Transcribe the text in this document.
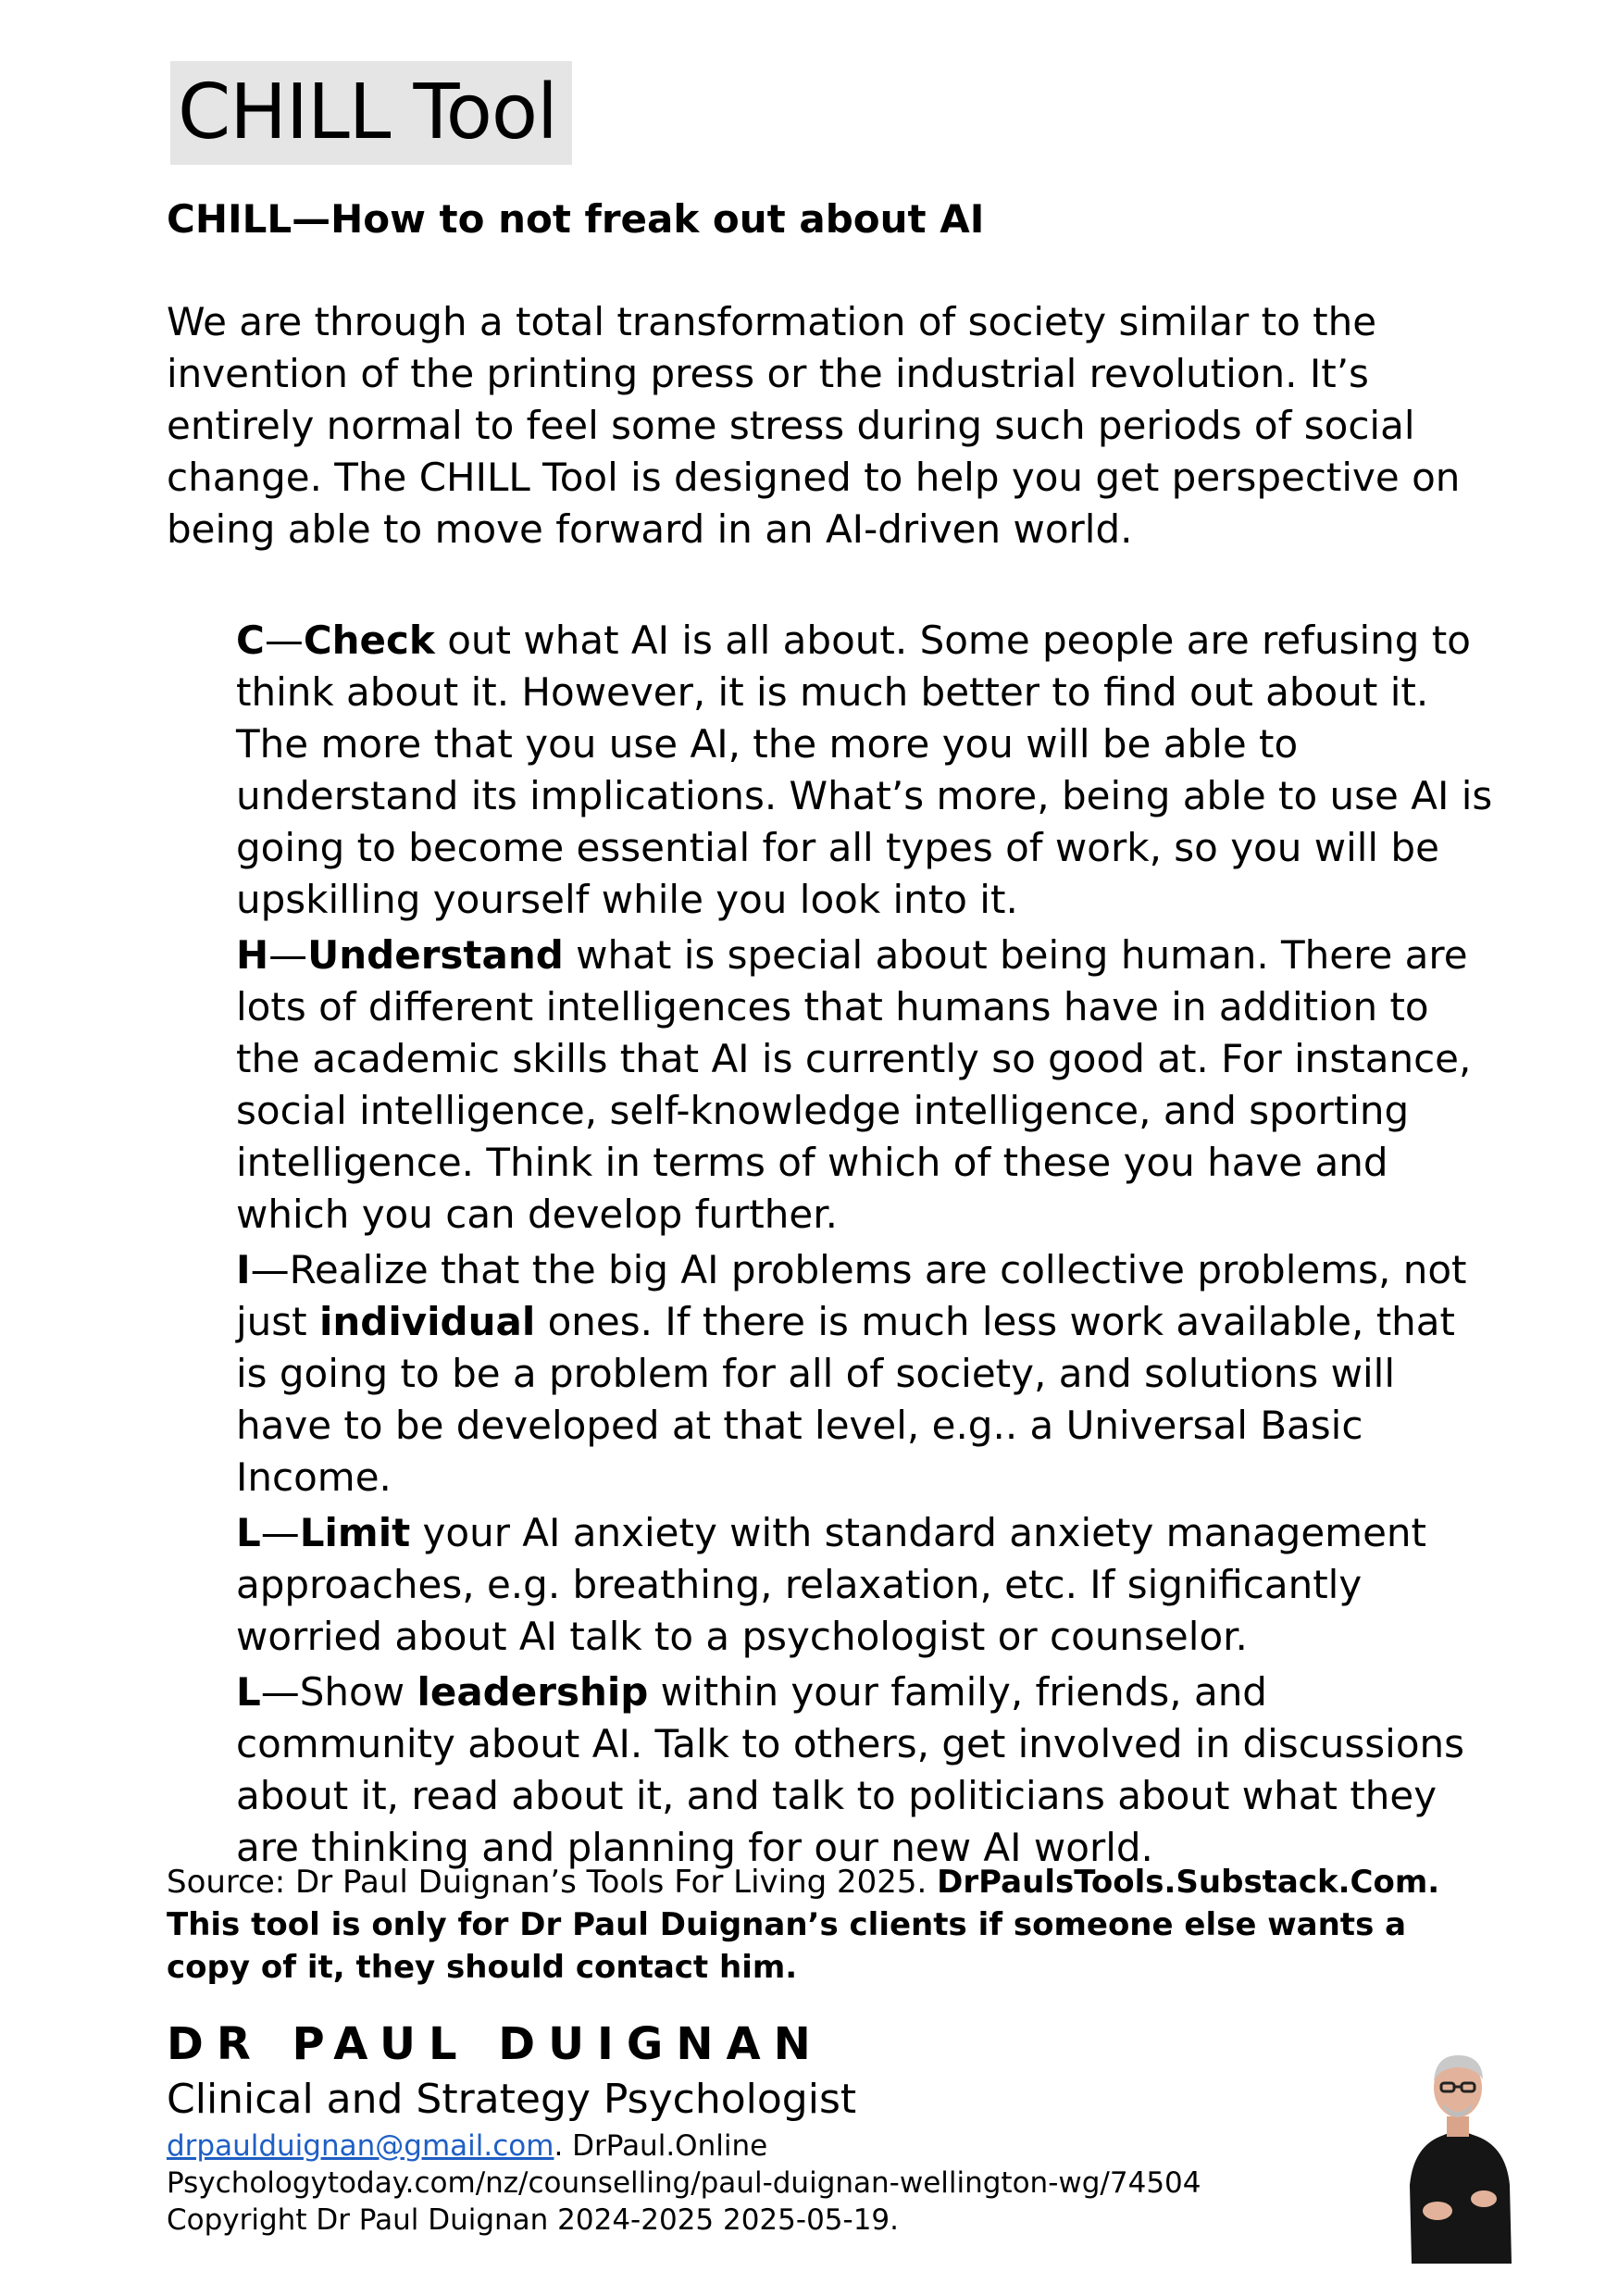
CHILL Tool
CHILL—How to not freak out about AI

We are through a total transformation of society similar to the invention of the printing press or the industrial revolution. It’s entirely normal to feel some stress during such periods of social change. The CHILL Tool is designed to help you get perspective on being able to move forward in an AI-driven world.

C—Check out what AI is all about. Some people are refusing to think about it. However, it is much better to find out about it. The more that you use AI, the more you will be able to understand its implications. What’s more, being able to use AI is going to become essential for all types of work, so you will be upskilling yourself while you look into it.
H—Understand what is special about being human. There are lots of different intelligences that humans have in addition to the academic skills that AI is currently so good at. For instance, social intelligence, self-knowledge intelligence, and sporting intelligence. Think in terms of which of these you have and which you can develop further.
I—Realize that the big AI problems are collective problems, not just individual ones. If there is much less work available, that is going to be a problem for all of society, and solutions will have to be developed at that level, e.g.. a Universal Basic Income.
L—Limit your AI anxiety with standard anxiety management approaches, e.g. breathing, relaxation, etc. If significantly worried about AI talk to a psychologist or counselor.
L—Show leadership within your family, friends, and community about AI. Talk to others, get involved in discussions about it, read about it, and talk to politicians about what they are thinking and planning for our new AI world.
Source: Dr Paul Duignan’s Tools For Living 2025. DrPaulsTools.Substack.Com. This tool is only for Dr Paul Duignan’s clients if someone else wants a copy of it, they should contact him.
DR PAUL DUIGNAN
Clinical and Strategy Psychologist
drpaulduignan@gmail.com. DrPaul.Online
Psychologytoday.com/nz/counselling/paul-duignan-wellington-wg/74504
Copyright Dr Paul Duignan 2024-2025 2025-05-19.
